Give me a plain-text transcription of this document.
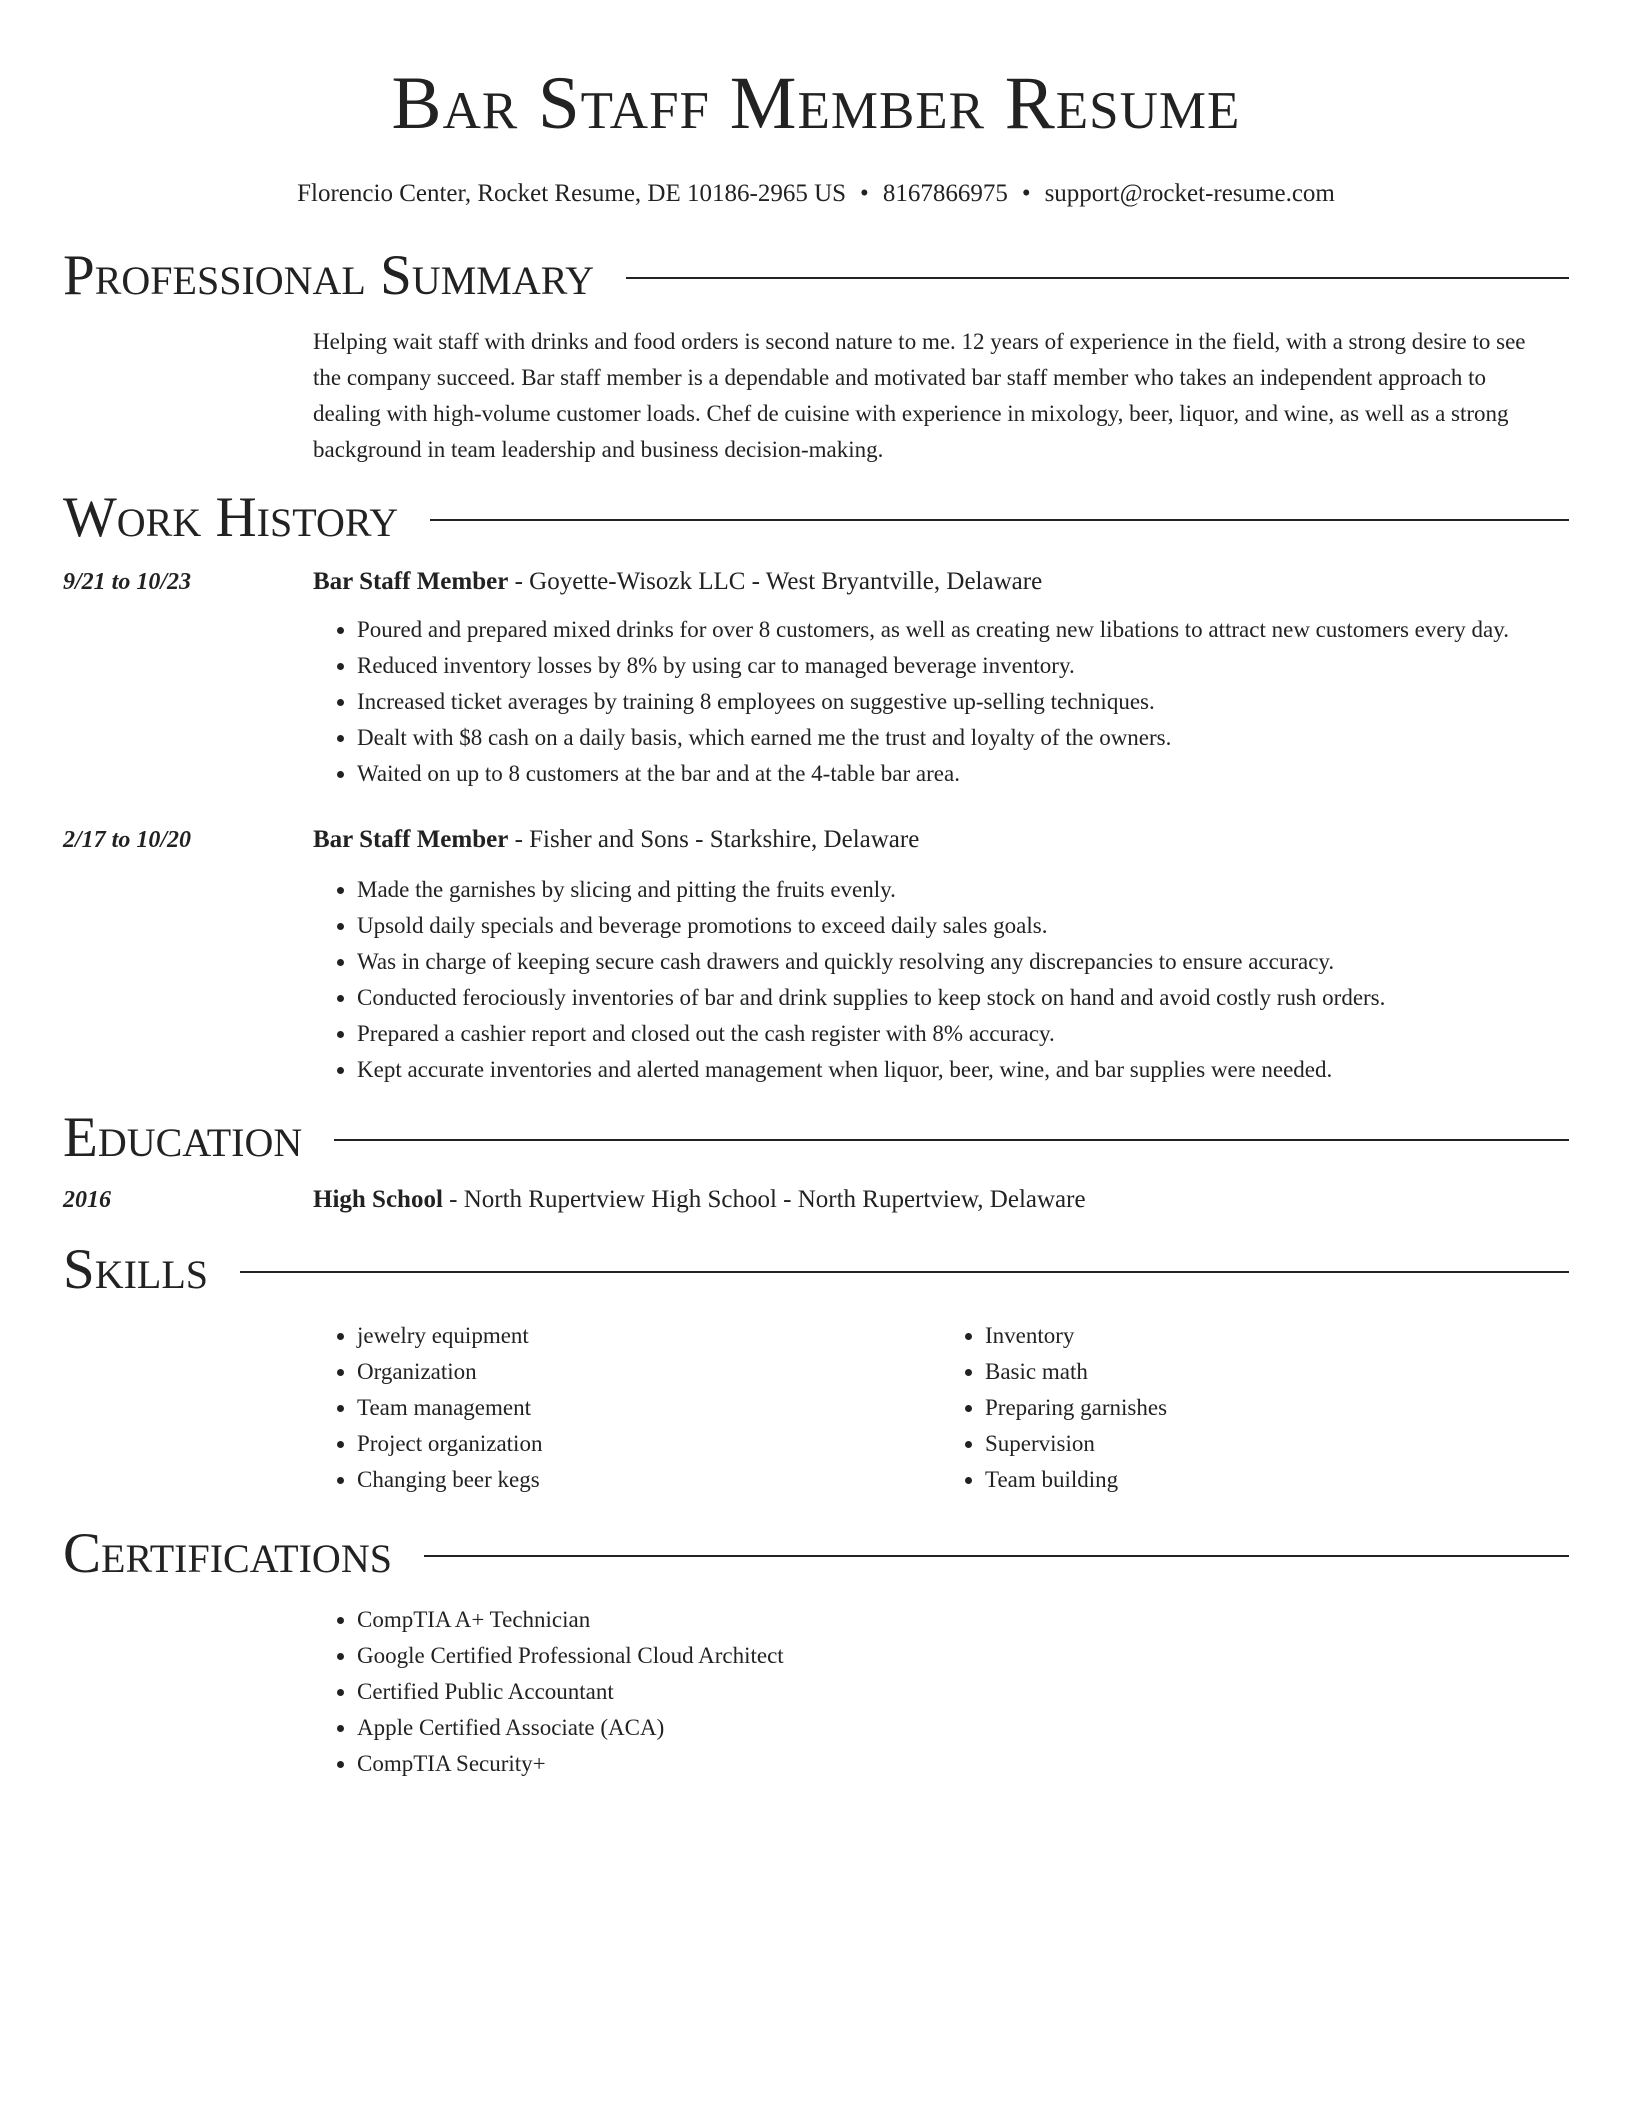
Bar Staff Member Resume
Florencio Center, Rocket Resume, DE 10186-2965 US • 8167866975 • support@rocket-resume.com
Professional Summary
Helping wait staff with drinks and food orders is second nature to me. 12 years of experience in the field, with a strong desire to see the company succeed. Bar staff member is a dependable and motivated bar staff member who takes an independent approach to dealing with high-volume customer loads. Chef de cuisine with experience in mixology, beer, liquor, and wine, as well as a strong background in team leadership and business decision-making.
Work History
9/21 to 10/23	Bar Staff Member - Goyette-Wisozk LLC - West Bryantville, Delaware
• Poured and prepared mixed drinks for over 8 customers, as well as creating new libations to attract new customers every day.
• Reduced inventory losses by 8% by using car to managed beverage inventory.
• Increased ticket averages by training 8 employees on suggestive up-selling techniques.
• Dealt with $8 cash on a daily basis, which earned me the trust and loyalty of the owners.
• Waited on up to 8 customers at the bar and at the 4-table bar area.
2/17 to 10/20	Bar Staff Member - Fisher and Sons - Starkshire, Delaware
• Made the garnishes by slicing and pitting the fruits evenly.
• Upsold daily specials and beverage promotions to exceed daily sales goals.
• Was in charge of keeping secure cash drawers and quickly resolving any discrepancies to ensure accuracy.
• Conducted ferociously inventories of bar and drink supplies to keep stock on hand and avoid costly rush orders.
• Prepared a cashier report and closed out the cash register with 8% accuracy.
• Kept accurate inventories and alerted management when liquor, beer, wine, and bar supplies were needed.
Education
2016	High School - North Rupertview High School - North Rupertview, Delaware
Skills
• jewelry equipment
• Organization
• Team management
• Project organization
• Changing beer kegs
• Inventory
• Basic math
• Preparing garnishes
• Supervision
• Team building
Certifications
• CompTIA A+ Technician
• Google Certified Professional Cloud Architect
• Certified Public Accountant
• Apple Certified Associate (ACA)
• CompTIA Security+
